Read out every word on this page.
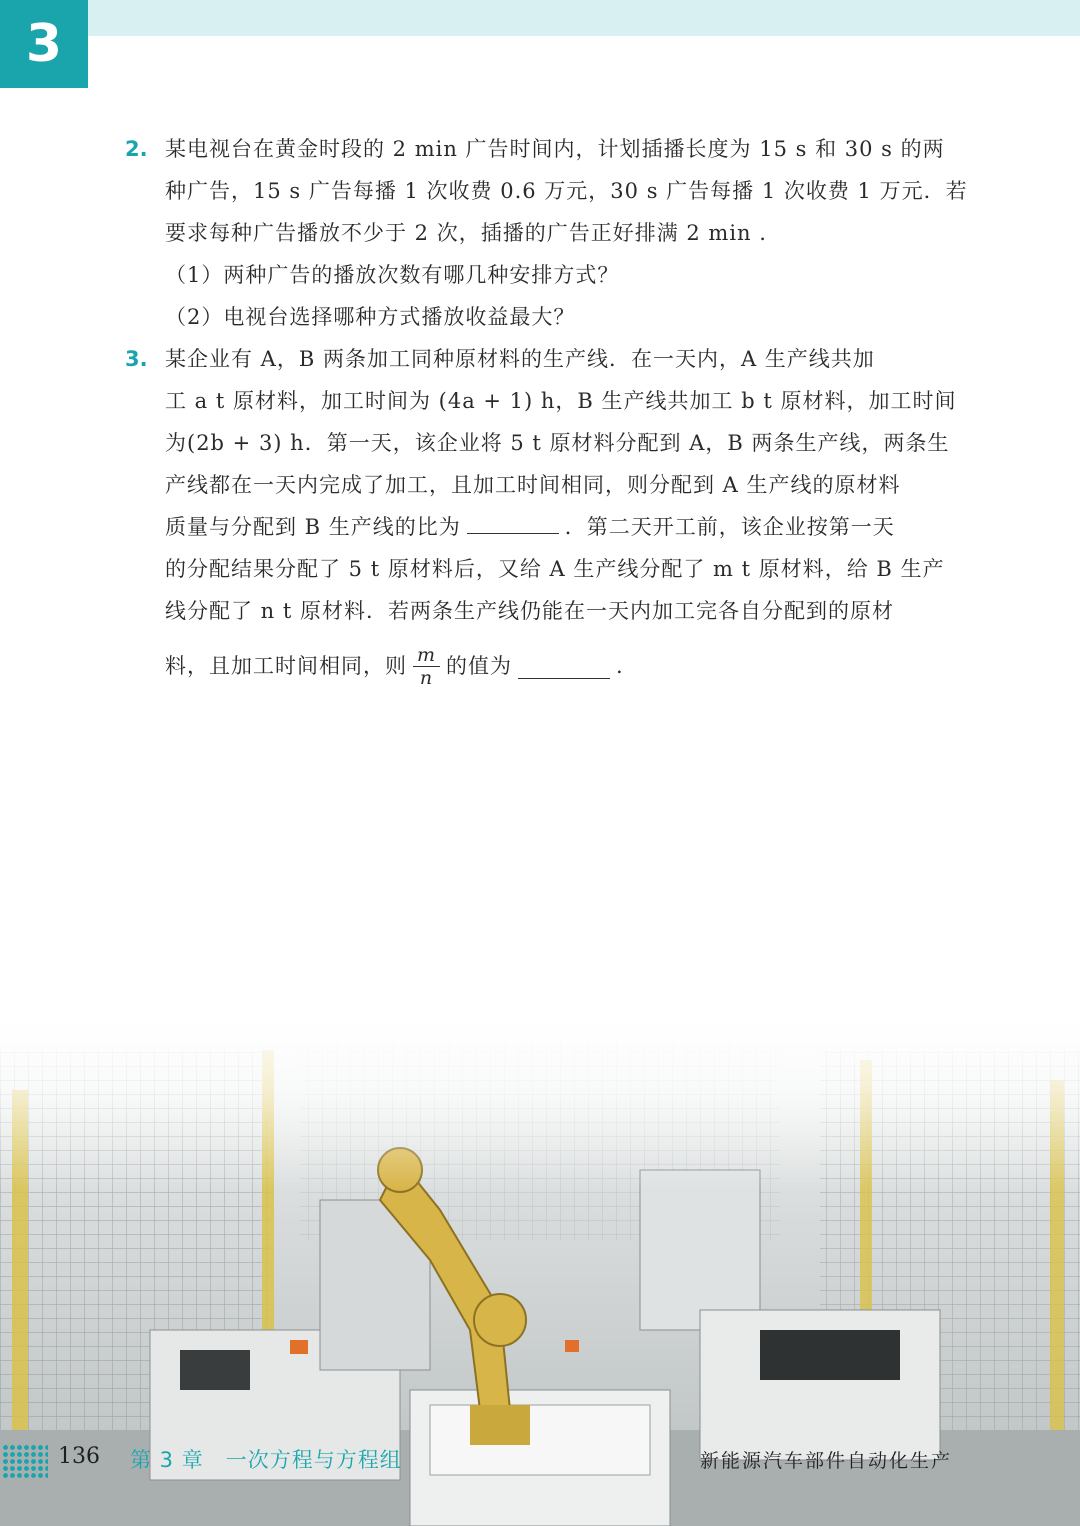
3
2. 某电视台在黄金时段的 2 min 广告时间内，计划插播长度为 15 s 和 30 s 的两
种广告，15 s 广告每播 1 次收费 0.6 万元，30 s 广告每播 1 次收费 1 万元．若
要求每种广告播放不少于 2 次，插播的广告正好排满 2 min .
（1）两种广告的播放次数有哪几种安排方式？
（2）电视台选择哪种方式播放收益最大？
3. 某企业有 A，B 两条加工同种原材料的生产线．在一天内，A 生产线共加
工 a t 原材料，加工时间为 (4a + 1) h，B 生产线共加工 b t 原材料，加工时间
为(2b + 3) h．第一天，该企业将 5 t 原材料分配到 A，B 两条生产线，两条生
产线都在一天内完成了加工，且加工时间相同，则分配到 A 生产线的原材料
质量与分配到 B 生产线的比为	．第二天开工前，该企业按第一天
的分配结果分配了 5 t 原材料后，又给 A 生产线分配了 m t 原材料，给 B 生产
线分配了 n t 原材料．若两条生产线仍能在一天内加工完各自分配到的原材
料，且加工时间相同，则 $\frac{m}{n}$ 的值为	.
136 第 3 章　一次方程与方程组	新能源汽车部件自动化生产
